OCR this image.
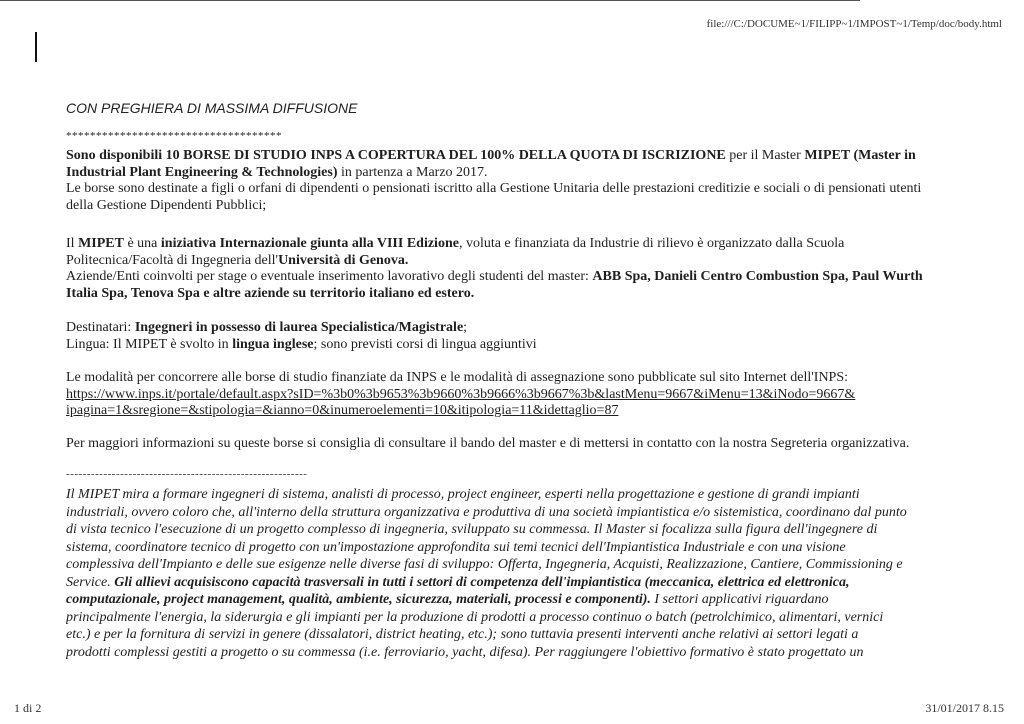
file:///C:/DOCUME~1/FILIPP~1/IMPOST~1/Temp/doc/body.html
CON PREGHIERA DI MASSIMA DIFFUSIONE
************************************
Sono disponibili 10 BORSE DI STUDIO INPS A COPERTURA DEL 100% DELLA QUOTA DI ISCRIZIONE per il Master MIPET (Master in
Industrial Plant Engineering & Technologies) in partenza a Marzo 2017.
Le borse sono destinate a figli o orfani di dipendenti o pensionati iscritto alla Gestione Unitaria delle prestazioni creditizie e sociali o di pensionati utenti
della Gestione Dipendenti Pubblici;
Il MIPET è una iniziativa Internazionale giunta alla VIII Edizione, voluta e finanziata da Industrie di rilievo è organizzato dalla Scuola
Politecnica/Facoltà di Ingegneria dell'Università di Genova.
Aziende/Enti coinvolti per stage o eventuale inserimento lavorativo degli studenti del master: ABB Spa, Danieli Centro Combustion Spa, Paul Wurth
Italia Spa, Tenova Spa e altre aziende su territorio italiano ed estero.
Destinatari: Ingegneri in possesso di laurea Specialistica/Magistrale;
Lingua: Il MIPET è svolto in lingua inglese; sono previsti corsi di lingua aggiuntivi
Le modalità per concorrere alle borse di studio finanziate da INPS e le modalità di assegnazione sono pubblicate sul sito Internet dell'INPS:
https://www.inps.it/portale/default.aspx?sID=%3b0%3b9653%3b9660%3b9666%3b9667%3b&lastMenu=9667&iMenu=13&iNodo=9667&
ipagina=1&sregione=&stipologia=&ianno=0&inumeroelementi=10&itipologia=11&idettaglio=87
Per maggiori informazioni su queste borse si consiglia di consultare il bando del master e di mettersi in contatto con la nostra Segreteria organizzativa.
----------------------------------------------------------
Il MIPET mira a formare ingegneri di sistema, analisti di processo, project engineer, esperti nella progettazione e gestione di grandi impianti
industriali, ovvero coloro che, all'interno della struttura organizzativa e produttiva di una società impiantistica e/o sistemistica, coordinano dal punto
di vista tecnico l'esecuzione di un progetto complesso di ingegneria, sviluppato su commessa. Il Master si focalizza sulla figura dell'ingegnere di
sistema, coordinatore tecnico di progetto con un'impostazione approfondita sui temi tecnici dell'Impiantistica Industriale e con una visione
complessiva dell'Impianto e delle sue esigenze nelle diverse fasi di sviluppo: Offerta, Ingegneria, Acquisti, Realizzazione, Cantiere, Commissioning e
Service. Gli allievi acquisiscono capacità trasversali in tutti i settori di competenza dell'impiantistica (meccanica, elettrica ed elettronica,
computazionale, project management, qualità, ambiente, sicurezza, materiali, processi e componenti). I settori applicativi riguardano
principalmente l'energia, la siderurgia e gli impianti per la produzione di prodotti a processo continuo o batch (petrolchimico, alimentari, vernici
etc.) e per la fornitura di servizi in genere (dissalatori, district heating, etc.); sono tuttavia presenti interventi anche relativi ai settori legati a
prodotti complessi gestiti a progetto o su commessa (i.e. ferroviario, yacht, difesa). Per raggiungere l'obiettivo formativo è stato progettato un
1 di 2	31/01/2017 8.15
